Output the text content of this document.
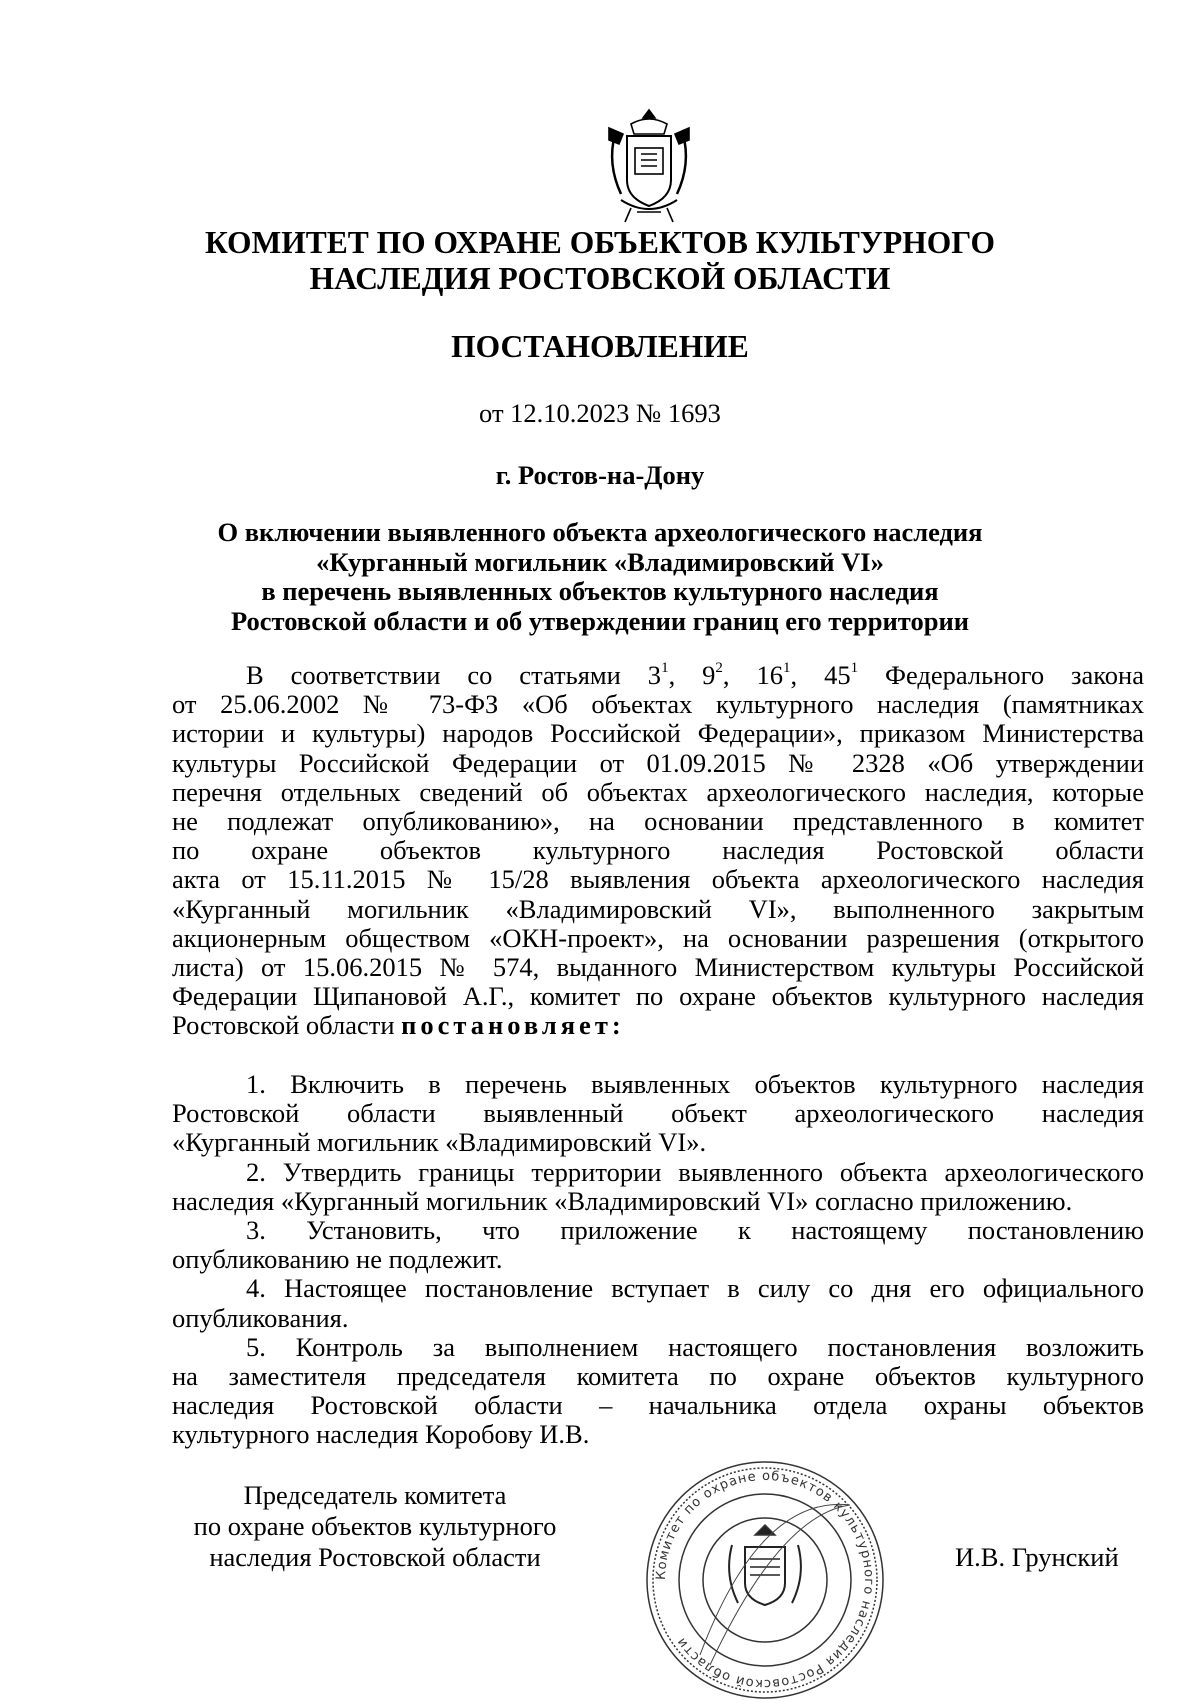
КОМИТЕТ ПО ОХРАНЕ ОБЪЕКТОВ КУЛЬТУРНОГО
НАСЛЕДИЯ РОСТОВСКОЙ ОБЛАСТИ
ПОСТАНОВЛЕНИЕ
от 12.10.2023 № 1693
г. Ростов-на-Дону
О включении выявленного объекта археологического наследия
«Курганный могильник «Владимировский VI»
в перечень выявленных объектов культурного наследия
Ростовской области и об утверждении границ его территории
В соответствии со статьями $3^1$, $9^2$, $16^1$, $45^1$ Федерального закона
от 25.06.2002 № 73-ФЗ «Об объектах культурного наследия (памятниках
истории и культуры) народов Российской Федерации», приказом Министерства
культуры Российской Федерации от 01.09.2015 № 2328 «Об утверждении
перечня отдельных сведений об объектах археологического наследия, которые
не подлежат опубликованию», на основании представленного в комитет
по охране объектов культурного наследия Ростовской области
акта от 15.11.2015 № 15/28 выявления объекта археологического наследия
«Курганный могильник «Владимировский VI», выполненного закрытым
акционерным обществом «ОКН-проект», на основании разрешения (открытого
листа) от 15.06.2015 № 574, выданного Министерством культуры Российской
Федерации Щипановой А.Г., комитет по охране объектов культурного наследия
Ростовской области постановляет:
1. Включить в перечень выявленных объектов культурного наследия
Ростовской области выявленный объект археологического наследия
«Курганный могильник «Владимировский VI».
2. Утвердить границы территории выявленного объекта археологического
наследия «Курганный могильник «Владимировский VI» согласно приложению.
3. Установить, что приложение к настоящему постановлению
опубликованию не подлежит.
4. Настоящее постановление вступает в силу со дня его официального
опубликования.
5. Контроль за выполнением настоящего постановления возложить
на заместителя председателя комитета по охране объектов культурного
наследия Ростовской области – начальника отдела охраны объектов
культурного наследия Коробову И.В.
Председатель комитета
по охране объектов культурного
наследия Ростовской области
Комитет по охране объектов культурного наследия Ростовской области
И.В. Грунский
